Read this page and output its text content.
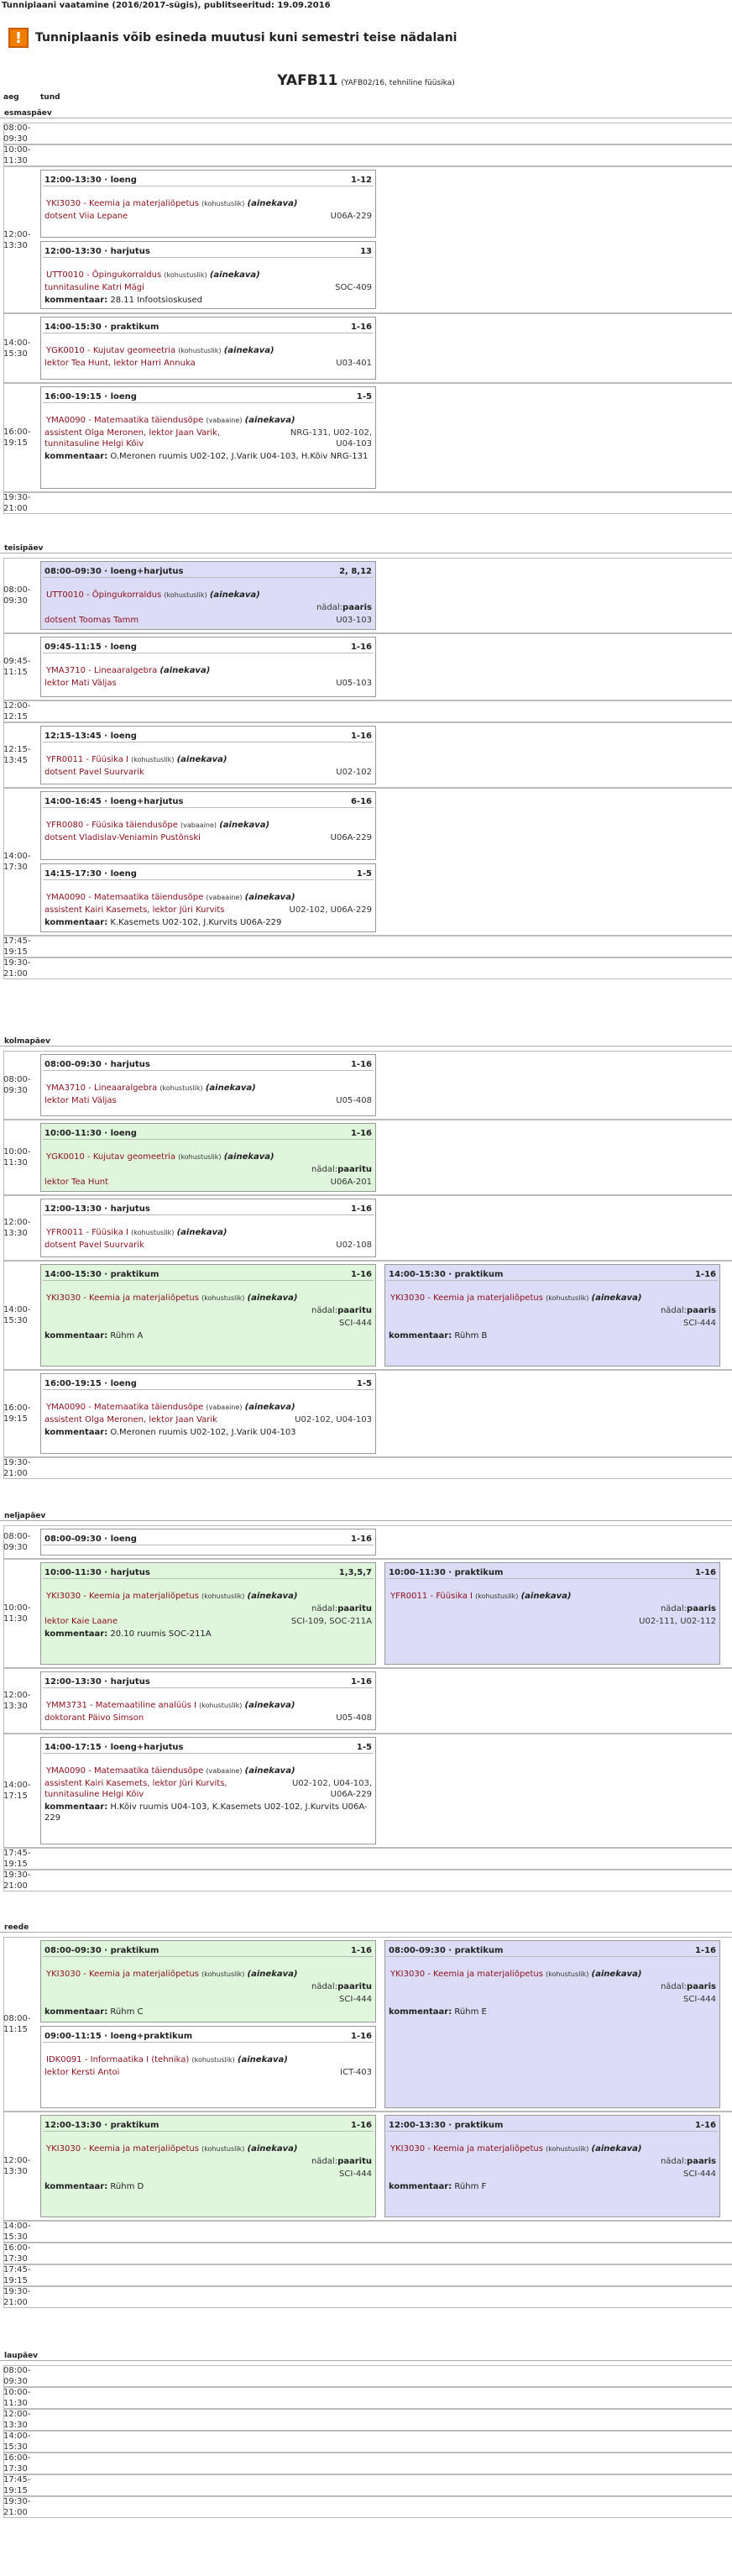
Tunniplaani vaatamine (2016/2017-sügis), publitseeritud: 19.09.2016
!	Tunniplaanis võib esineda muutusi kuni semestri teise nädalani
YAFB11 (YAFB02/16, tehniline füüsika)
aeg	tund
esmaspäev
08:00-
09:30
10:00-
11:30
12:00-
13:30
12:00-13:30 · loeng	1-12
YKI3030 - Keemia ja materjaliõpetus (kohustuslik) (ainekava)
dotsent Viia Lepane	U06A-229
12:00-13:30 · harjutus	13
UTT0010 - Õpingukorraldus (kohustuslik) (ainekava)
tunnitasuline Katri Mägi	SOC-409
kommentaar: 28.11 Infootsioskused
14:00-
15:30
14:00-15:30 · praktikum	1-16
YGK0010 - Kujutav geomeetria (kohustuslik) (ainekava)
lektor Tea Hunt, lektor Harri Annuka	U03-401
16:00-
19:15
16:00-19:15 · loeng	1-5
YMA0090 - Matemaatika täiendusõpe (vabaaine) (ainekava)
assistent Olga Meronen, lektor Jaan Varik, tunnitasuline Helgi Kõiv
NRG-131, U02-102, U04-103
kommentaar: O.Meronen ruumis U02-102, J.Varik U04-103, H.Kõiv NRG-131
19:30-
21:00
teisipäev
08:00-
09:30
08:00-09:30 · loeng+harjutus	2, 8,12
UTT0010 - Õpingukorraldus (kohustuslik) (ainekava)
nädal: paaris
dotsent Toomas Tamm	U03-103
09:45-
11:15
09:45-11:15 · loeng	1-16
YMA3710 - Lineaaralgebra (ainekava)
lektor Mati Väljas	U05-103
12:00-
12:15
12:15-
13:45
12:15-13:45 · loeng	1-16
YFR0011 - Füüsika I (kohustuslik) (ainekava)
dotsent Pavel Suurvarik	U02-102
14:00-
17:30
14:00-16:45 · loeng+harjutus	6-16
YFR0080 - Füüsika täiendusõpe (vabaaine) (ainekava)
dotsent Vladislav-Veniamin Pustõnski	U06A-229
14:15-17:30 · loeng	1-5
YMA0090 - Matemaatika täiendusõpe (vabaaine) (ainekava)
assistent Kairi Kasemets, lektor Jüri Kurvits	U02-102, U06A-229
kommentaar: K.Kasemets U02-102, J.Kurvits U06A-229
17:45-
19:15
19:30-
21:00
kolmapäev
08:00-
09:30
08:00-09:30 · harjutus	1-16
YMA3710 - Lineaaralgebra (kohustuslik) (ainekava)
lektor Mati Väljas	U05-408
10:00-
11:30
10:00-11:30 · loeng	1-16
YGK0010 - Kujutav geomeetria (kohustuslik) (ainekava)
nädal: paaritu
lektor Tea Hunt	U06A-201
12:00-
13:30
12:00-13:30 · harjutus	1-16
YFR0011 - Füüsika I (kohustuslik) (ainekava)
dotsent Pavel Suurvarik	U02-108
14:00-
15:30
14:00-15:30 · praktikum	1-16
YKI3030 - Keemia ja materjaliõpetus (kohustuslik) (ainekava)
nädal: paaritu
SCI-444
kommentaar: Rühm A
14:00-15:30 · praktikum	1-16
YKI3030 - Keemia ja materjaliõpetus (kohustuslik) (ainekava)
nädal: paaris
SCI-444
kommentaar: Rühm B
16:00-
19:15
16:00-19:15 · loeng	1-5
YMA0090 - Matemaatika täiendusõpe (vabaaine) (ainekava)
assistent Olga Meronen, lektor Jaan Varik	U02-102, U04-103
kommentaar: O.Meronen ruumis U02-102, J.Varik U04-103
19:30-
21:00
neljapäev
08:00-
09:30
08:00-09:30 · loeng	1-16
10:00-
11:30
10:00-11:30 · harjutus	1,3,5,7
YKI3030 - Keemia ja materjaliõpetus (kohustuslik) (ainekava)
nädal: paaritu
lektor Kaie Laane	SCI-109, SOC-211A
kommentaar: 20.10 ruumis SOC-211A
10:00-11:30 · praktikum	1-16
YFR0011 - Füüsika I (kohustuslik) (ainekava)
nädal: paaris
U02-111, U02-112
12:00-
13:30
12:00-13:30 · harjutus	1-16
YMM3731 - Matemaatiline analüüs I (kohustuslik) (ainekava)
doktorant Päivo Simson	U05-408
14:00-
17:15
14:00-17:15 · loeng+harjutus	1-5
YMA0090 - Matemaatika täiendusõpe (vabaaine) (ainekava)
assistent Kairi Kasemets, lektor Jüri Kurvits, tunnitasuline Helgi Kõiv
U02-102, U04-103, U06A-229
kommentaar: H.Kõiv ruumis U04-103, K.Kasemets U02-102, J.Kurvits U06A-229
17:45-
19:15
19:30-
21:00
reede
08:00-
11:15
08:00-09:30 · praktikum	1-16
YKI3030 - Keemia ja materjaliõpetus (kohustuslik) (ainekava)
nädal: paaritu
SCI-444
kommentaar: Rühm C
09:00-11:15 · loeng+praktikum	1-16
IDK0091 - Informaatika I (tehnika) (kohustuslik) (ainekava)
lektor Kersti Antoi	ICT-403
08:00-09:30 · praktikum	1-16
YKI3030 - Keemia ja materjaliõpetus (kohustuslik) (ainekava)
nädal: paaris
SCI-444
kommentaar: Rühm E
12:00-
13:30
12:00-13:30 · praktikum	1-16
YKI3030 - Keemia ja materjaliõpetus (kohustuslik) (ainekava)
nädal: paaritu
SCI-444
kommentaar: Rühm D
12:00-13:30 · praktikum	1-16
YKI3030 - Keemia ja materjaliõpetus (kohustuslik) (ainekava)
nädal: paaris
SCI-444
kommentaar: Rühm F
14:00-
15:30
16:00-
17:30
17:45-
19:15
19:30-
21:00
laupäev
08:00-
09:30
10:00-
11:30
12:00-
13:30
14:00-
15:30
16:00-
17:30
17:45-
19:15
19:30-
21:00
